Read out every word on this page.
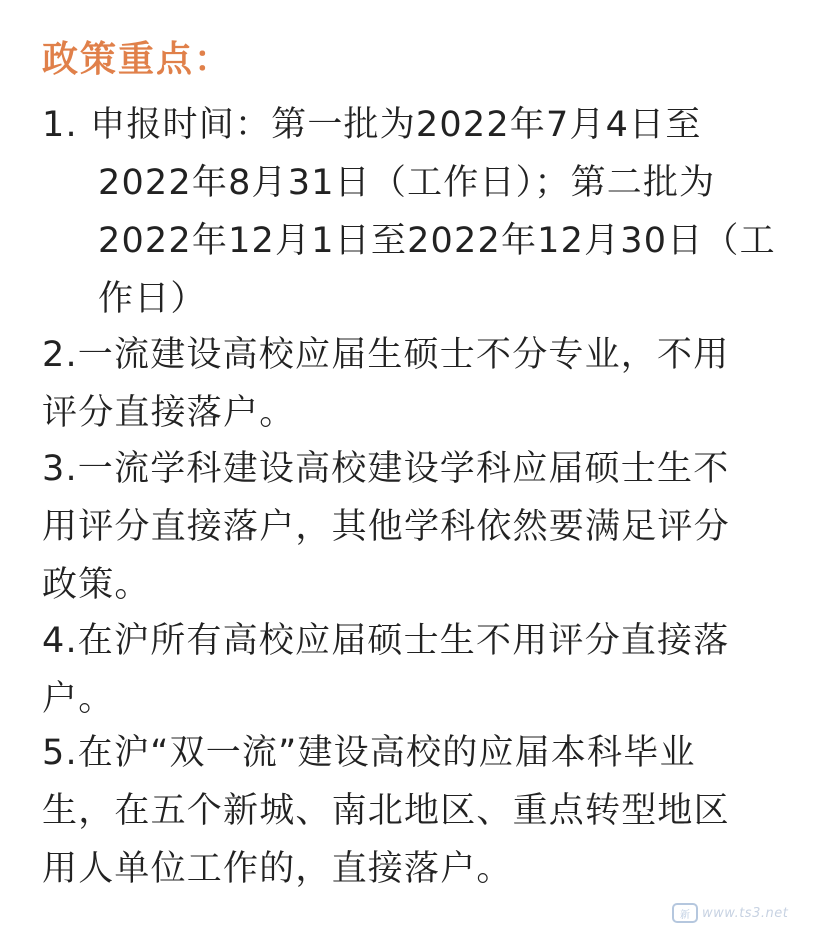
政策重点：
1. 申报时间：第一批为2022年7月4日至
2022年8月31日（工作日）；第二批为
2022年12月1日至2022年12月30日（工
作日）
2.一流建设高校应届生硕士不分专业，不用
评分直接落户。
3.一流学科建设高校建设学科应届硕士生不
用评分直接落户，其他学科依然要满足评分
政策。
4.在沪所有高校应届硕士生不用评分直接落
户。
5.在沪“双一流”建设高校的应届本科毕业
生，在五个新城、南北地区、重点转型地区
用人单位工作的，直接落户。
新 www.ts3.net
